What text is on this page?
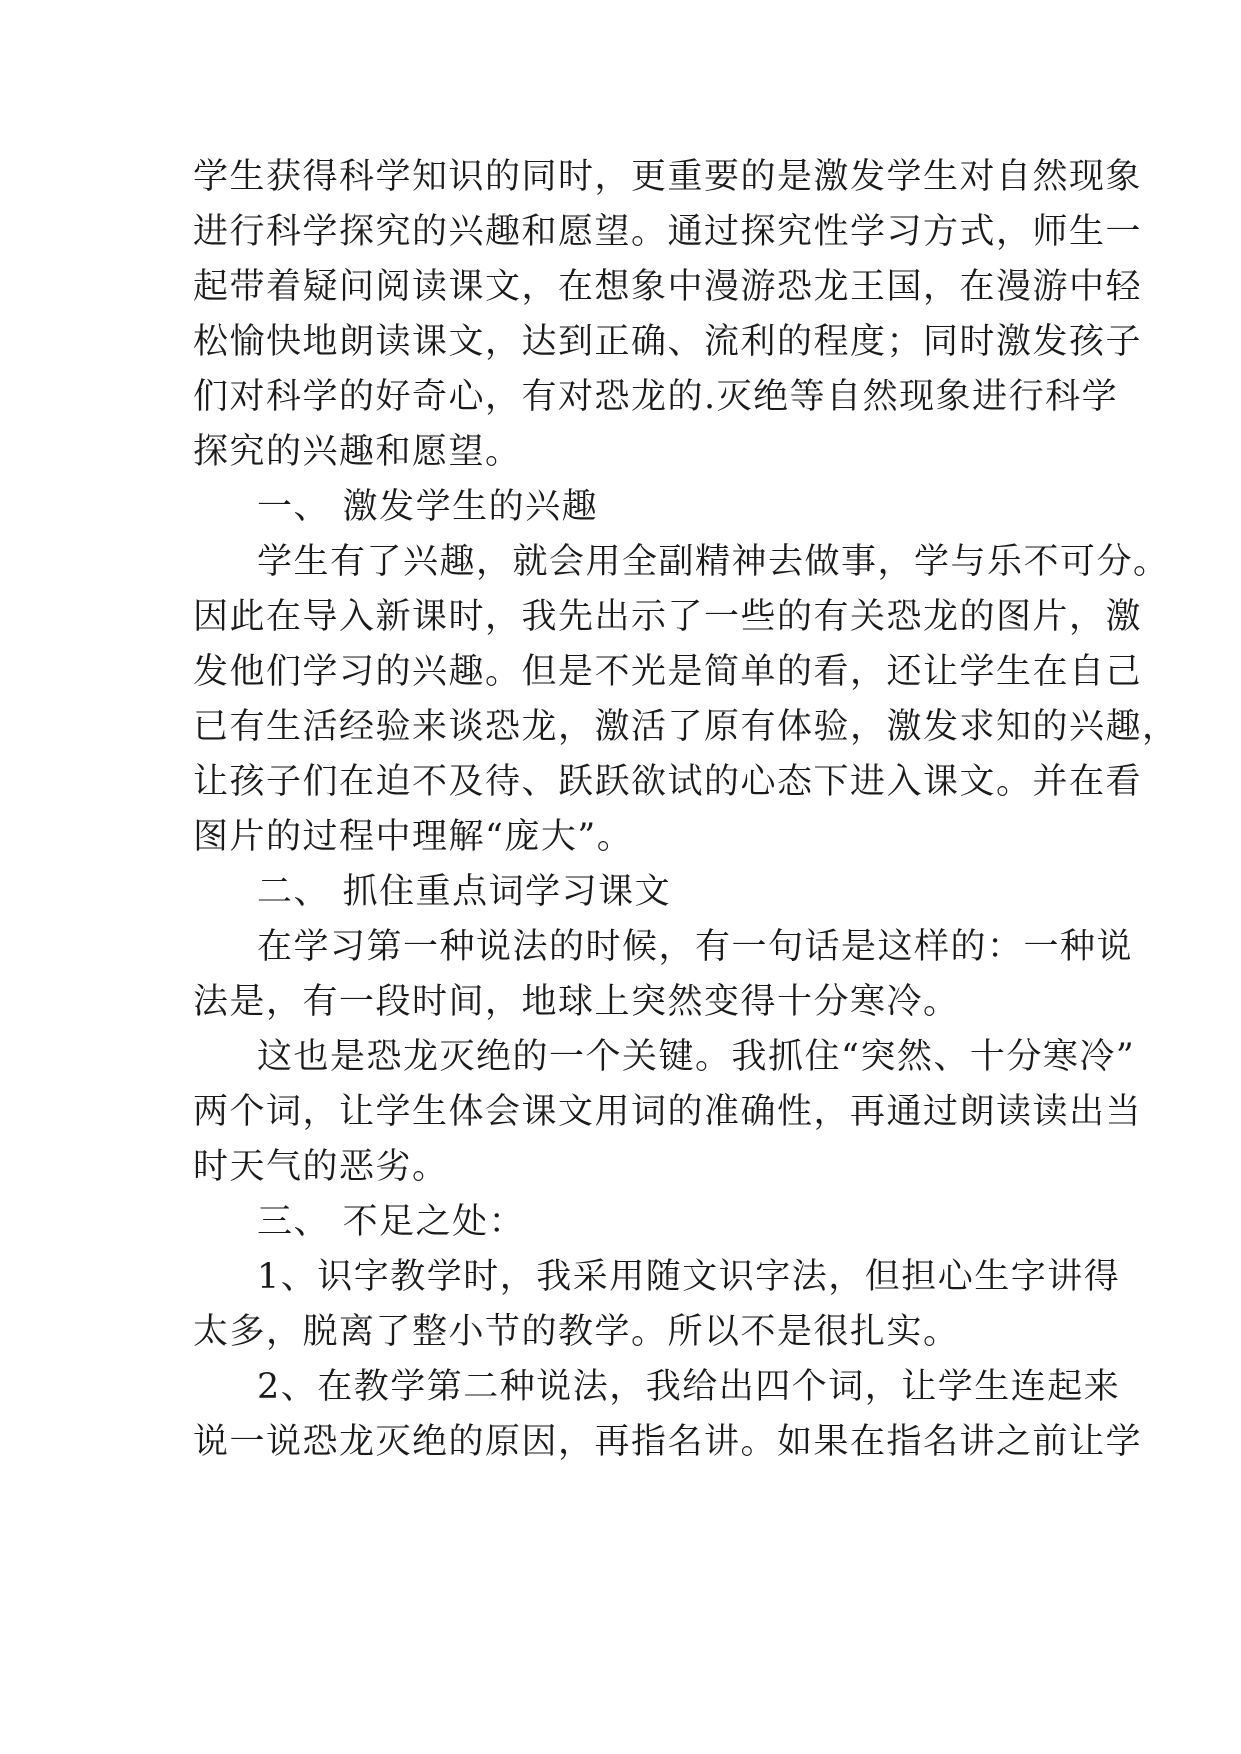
学生获得科学知识的同时，更重要的是激发学生对自然现象
进行科学探究的兴趣和愿望。通过探究性学习方式，师生一
起带着疑问阅读课文，在想象中漫游恐龙王国，在漫游中轻
松愉快地朗读课文，达到正确、流利的程度；同时激发孩子
们对科学的好奇心，有对恐龙的.灭绝等自然现象进行科学
探究的兴趣和愿望。
一、 激发学生的兴趣
学生有了兴趣，就会用全副精神去做事，学与乐不可分。
因此在导入新课时，我先出示了一些的有关恐龙的图片，激
发他们学习的兴趣。但是不光是简单的看，还让学生在自己
已有生活经验来谈恐龙，激活了原有体验，激发求知的兴趣，
让孩子们在迫不及待、跃跃欲试的心态下进入课文。并在看
图片的过程中理解“庞大”。
二、 抓住重点词学习课文
在学习第一种说法的时候，有一句话是这样的：一种说
法是，有一段时间，地球上突然变得十分寒冷。
这也是恐龙灭绝的一个关键。我抓住“突然、十分寒冷”
两个词，让学生体会课文用词的准确性，再通过朗读读出当
时天气的恶劣。
三、 不足之处：
1、识字教学时，我采用随文识字法，但担心生字讲得
太多，脱离了整小节的教学。所以不是很扎实。
2、在教学第二种说法，我给出四个词，让学生连起来
说一说恐龙灭绝的原因，再指名讲。如果在指名讲之前让学
